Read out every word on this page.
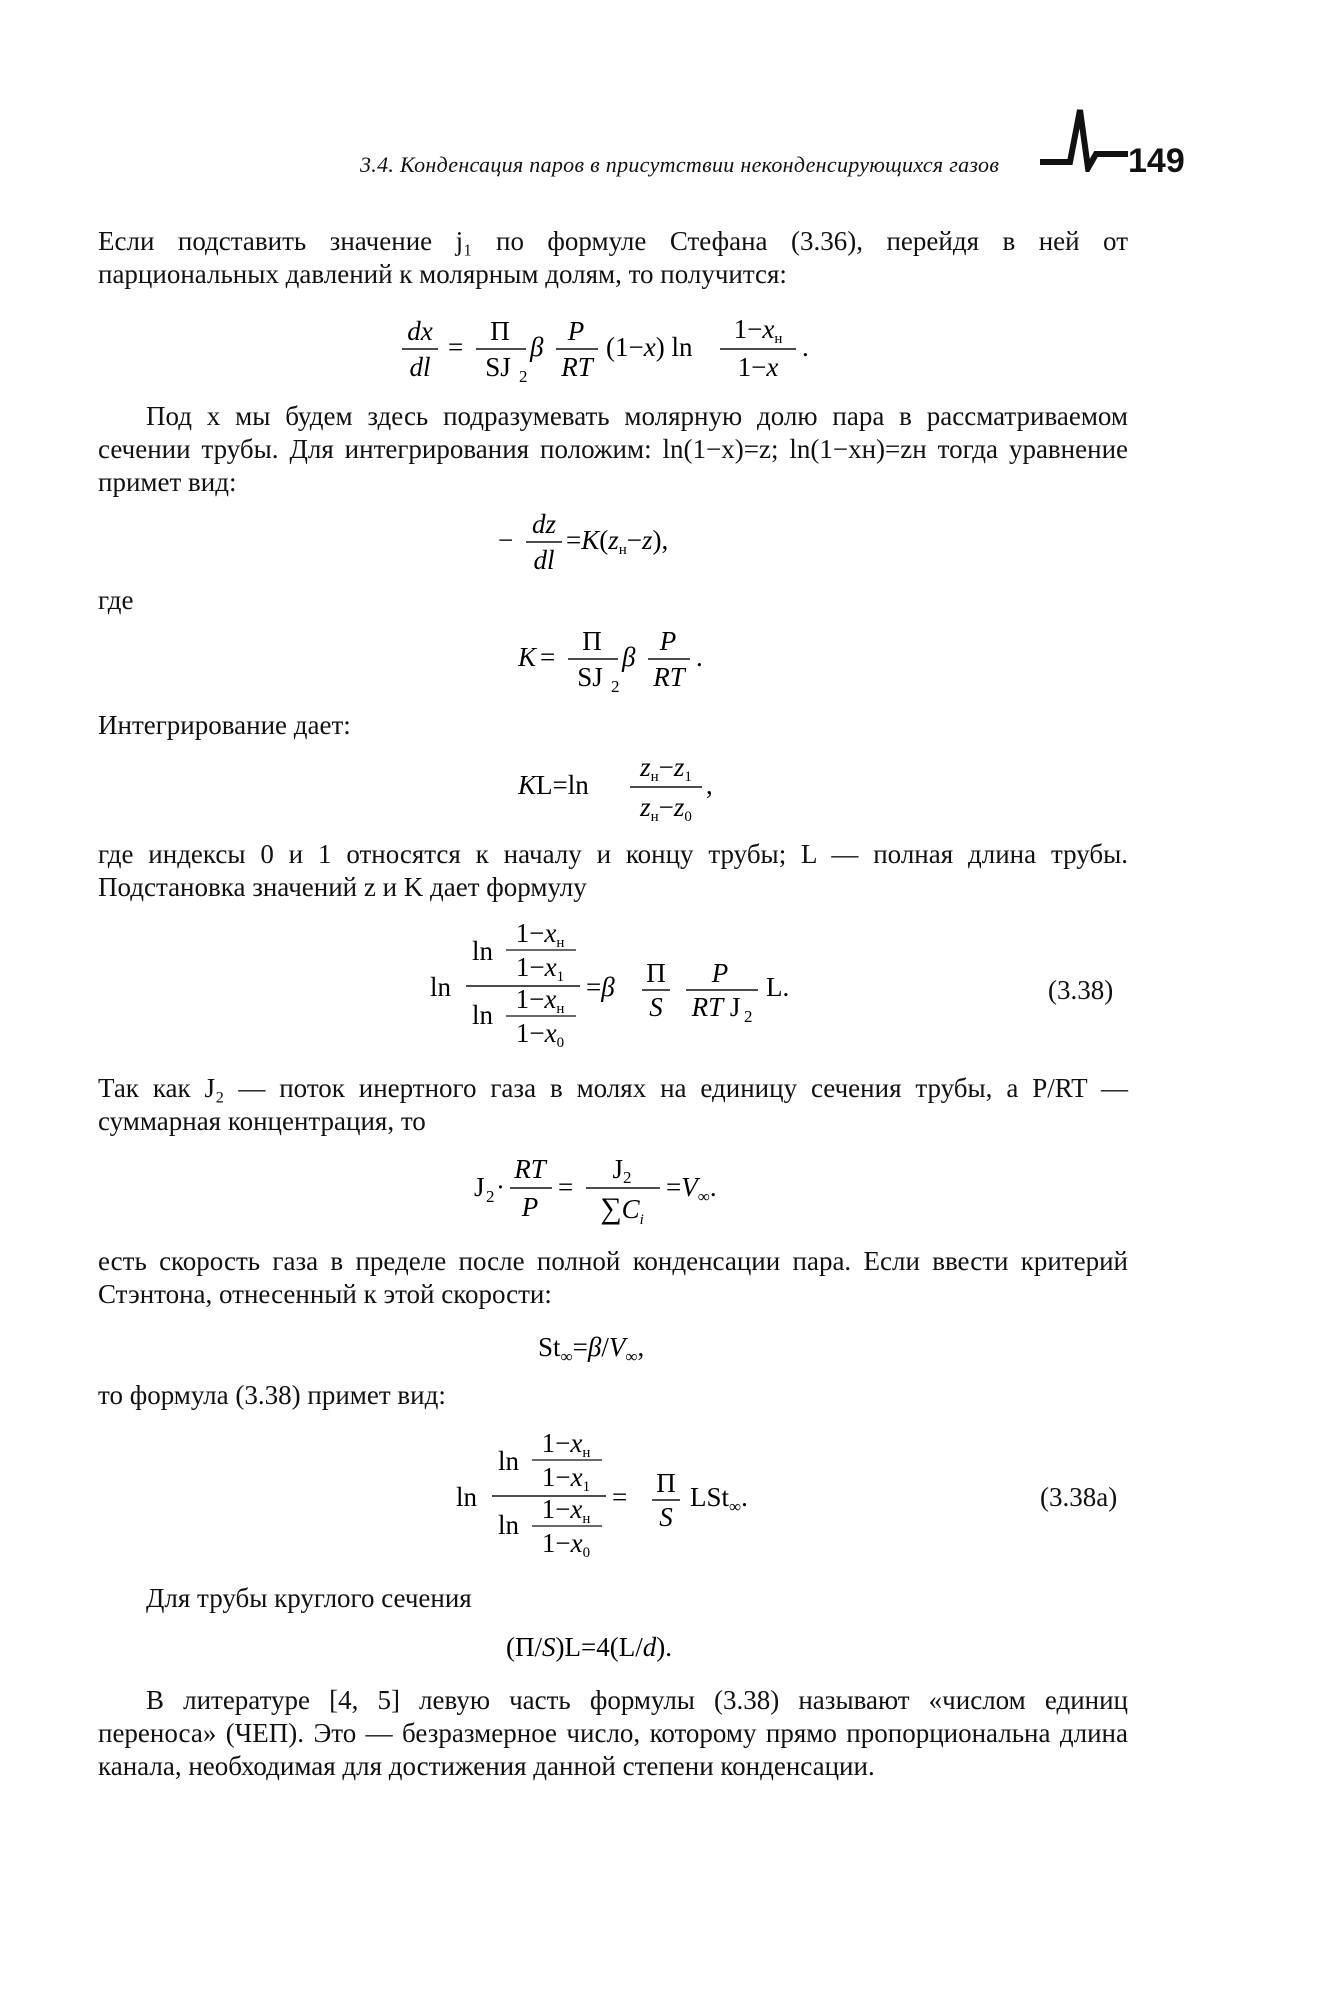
3.4. Конденсация паров в присутствии неконденсирующихся газов	149
Если подставить значение j₁ по формуле Стефана (3.36), перейдя в ней от парциональных давлений к молярным долям, то получится:
dx
dl
=
Π
SJ 2
β
P
RT
(1−x) ln
1−xн
1−x
.
Под x мы будем здесь подразумевать молярную долю пара в рассматриваемом сечении трубы. Для интегрирования положим: ln(1−x)=z; ln(1−xн)=zн тогда уравнение примет вид:
−
dz
dl
=K(zн−z),
где
K =
Π
SJ 2
β
P
RT
.
Интегрирование дает:
KL=ln
zн−z1
zн−z0
,
где индексы 0 и 1 относятся к началу и концу трубы; L — полная длина трубы. Подстановка значений z и K дает формулу
ln
ln
1−xн
1−x1
ln
1−xн
1−x0
=β Π
S
P
RT J 2
L.	(3.38)
Так как J₂ — поток инертного газа в молях на единицу сечения трубы, а P/RT — суммарная концентрация, то
J 2 ·
RT
P
=
J2
$\sum C_i$
$=V_\infty$.
есть скорость газа в пределе после полной конденсации пара. Если ввести критерий Стэнтона, отнесенный к этой скорости:
$St_\infty=\beta/V_\infty$,
то формула (3.38) примет вид:
ln
ln
1−xн
1−x1
ln
1−xн
1−x0
= Π
S
LSt$_\infty$.	(3.38a)
Для трубы круглого сечения
(Π/S)L=4(L/d).
В литературе [4, 5] левую часть формулы (3.38) называют «числом единиц переноса» (ЧЕП). Это — безразмерное число, которому прямо пропорциональна длина канала, необходимая для достижения данной степени конденсации.
